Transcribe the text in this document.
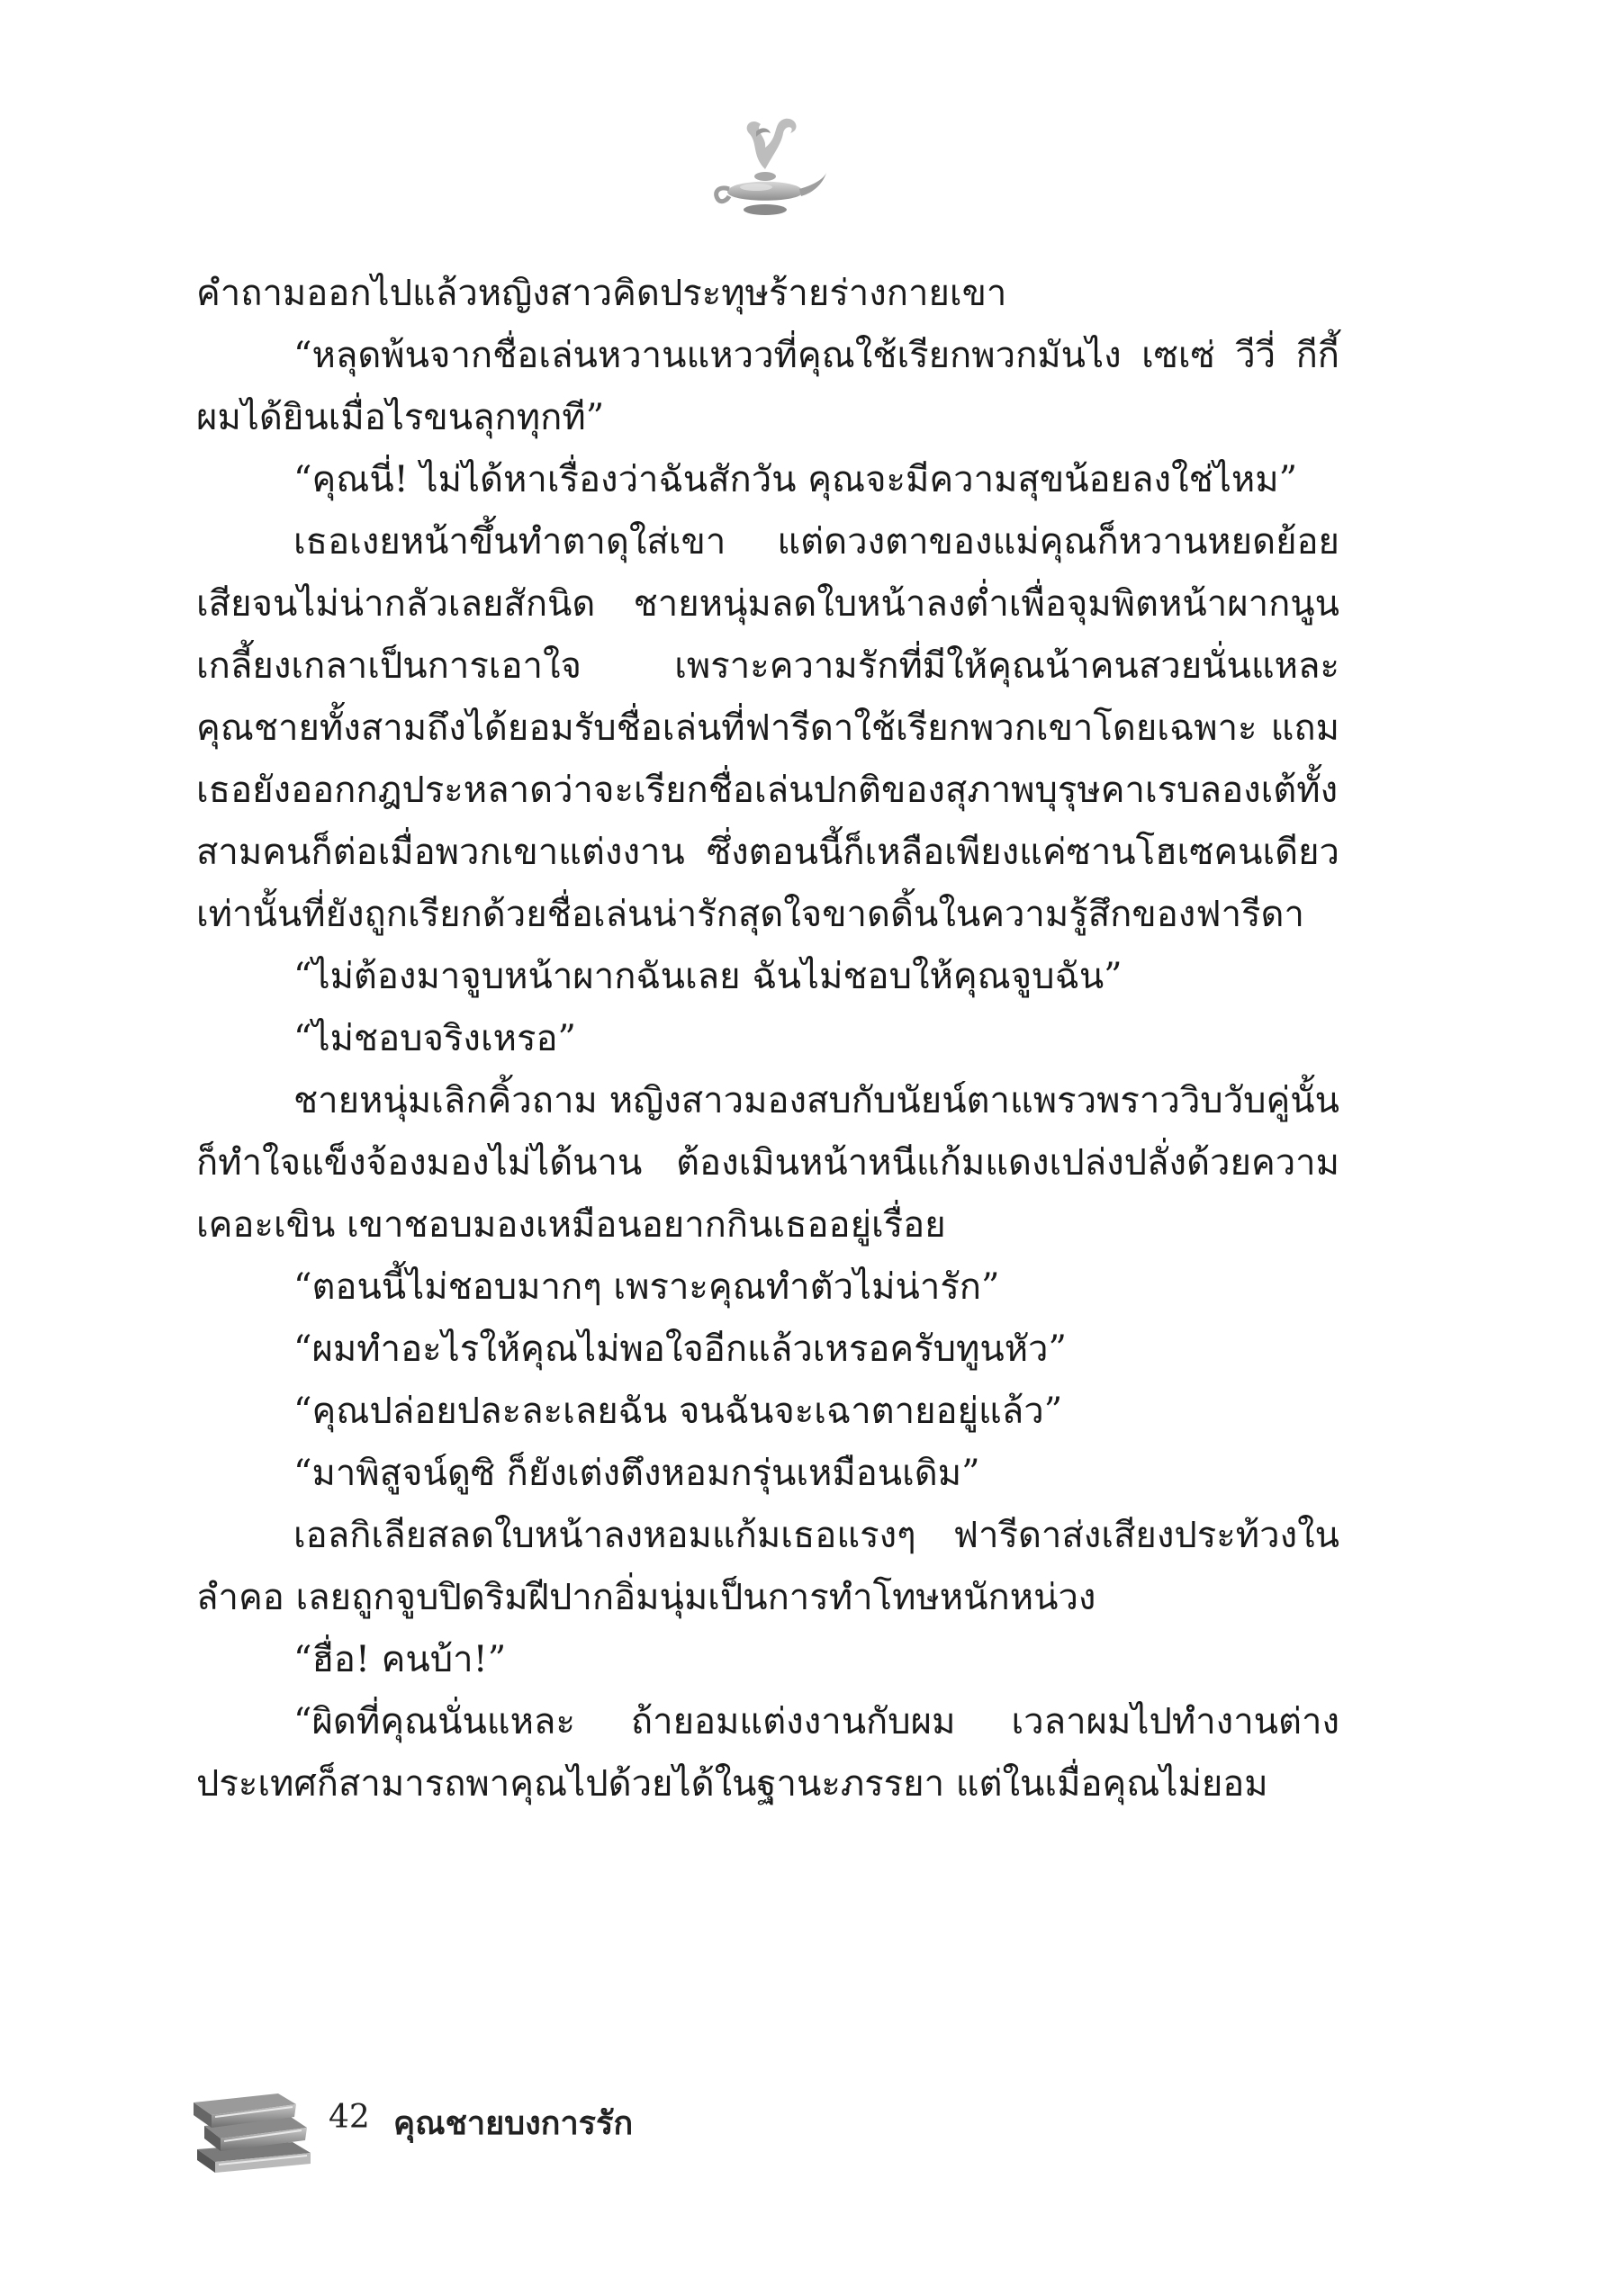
คำถามออกไปแล้วหญิงสาวคิดประทุษร้ายร่างกายเขา

“หลุดพ้นจากชื่อเล่นหวานแหววที่คุณใช้เรียกพวกมันไง เซเซ่ วีวี่ กีกี้ ผมได้ยินเมื่อไรขนลุกทุกที”

“คุณนี่! ไม่ได้หาเรื่องว่าฉันสักวัน คุณจะมีความสุขน้อยลงใช่ไหม”

เธอเงยหน้าขึ้นทำตาดุใส่เขา แต่ดวงตาของแม่คุณก็หวานหยดย้อยเสียจนไม่น่ากลัวเลยสักนิด ชายหนุ่มลดใบหน้าลงต่ำเพื่อจุมพิตหน้าผากนูนเกลี้ยงเกลาเป็นการเอาใจ เพราะความรักที่มีให้คุณน้าคนสวยนั่นแหละ คุณชายทั้งสามถึงได้ยอมรับชื่อเล่นที่ฟารีดาใช้เรียกพวกเขาโดยเฉพาะ แถมเธอยังออกกฎประหลาดว่าจะเรียกชื่อเล่นปกติของสุภาพบุรุษคาเรบลองเต้ทั้งสามคนก็ต่อเมื่อพวกเขาแต่งงาน ซึ่งตอนนี้ก็เหลือเพียงแค่ซานโฮเซคนเดียวเท่านั้นที่ยังถูกเรียกด้วยชื่อเล่นน่ารักสุดใจขาดดิ้นในความรู้สึกของฟารีดา

“ไม่ต้องมาจูบหน้าผากฉันเลย ฉันไม่ชอบให้คุณจูบฉัน”

“ไม่ชอบจริงเหรอ”

ชายหนุ่มเลิกคิ้วถาม หญิงสาวมองสบกับนัยน์ตาแพรวพราววิบวับคู่นั้นก็ทำใจแข็งจ้องมองไม่ได้นาน ต้องเมินหน้าหนีแก้มแดงเปล่งปลั่งด้วยความเคอะเขิน เขาชอบมองเหมือนอยากกินเธออยู่เรื่อย

“ตอนนี้ไม่ชอบมากๆ เพราะคุณทำตัวไม่น่ารัก”

“ผมทำอะไรให้คุณไม่พอใจอีกแล้วเหรอครับทูนหัว”

“คุณปล่อยปละละเลยฉัน จนฉันจะเฉาตายอยู่แล้ว”

“มาพิสูจน์ดูซิ ก็ยังเต่งตึงหอมกรุ่นเหมือนเดิม”

เอลกิเลียสลดใบหน้าลงหอมแก้มเธอแรงๆ ฟารีดาส่งเสียงประท้วงในลำคอ เลยถูกจูบปิดริมฝีปากอิ่มนุ่มเป็นการทำโทษหนักหน่วง

“ฮื่อ! คนบ้า!”

“ผิดที่คุณนั่นแหละ ถ้ายอมแต่งงานกับผม เวลาผมไปทำงานต่างประเทศก็สามารถพาคุณไปด้วยได้ในฐานะภรรยา แต่ในเมื่อคุณไม่ยอม

42 คุณชายบงการรัก
